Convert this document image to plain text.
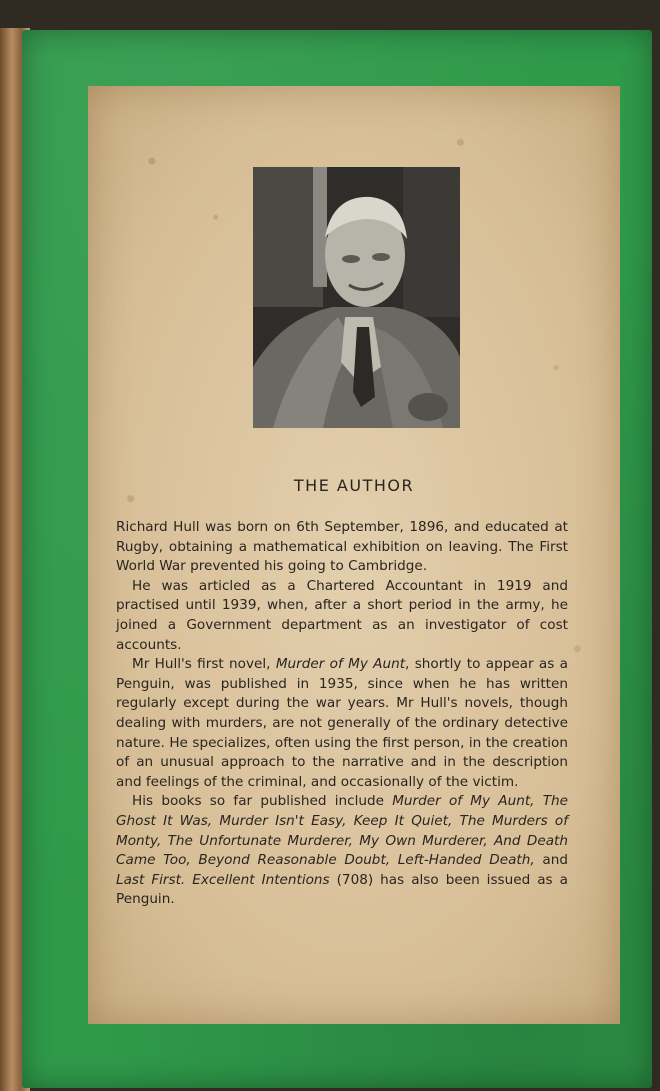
THE AUTHOR

Richard Hull was born on 6th September, 1896, and educated at Rugby, obtaining a mathematical exhibition on leaving. The First World War prevented his going to Cambridge.

He was articled as a Chartered Accountant in 1919 and practised until 1939, when, after a short period in the army, he joined a Government department as an investigator of cost accounts.

Mr Hull's first novel, Murder of My Aunt, shortly to appear as a Penguin, was published in 1935, since when he has written regularly except during the war years. Mr Hull's novels, though dealing with murders, are not generally of the ordinary detective nature. He specializes, often using the first person, in the creation of an unusual approach to the narrative and in the description and feelings of the criminal, and occasionally of the victim.

His books so far published include Murder of My Aunt, The Ghost It Was, Murder Isn't Easy, Keep It Quiet, The Murders of Monty, The Unfortunate Murderer, My Own Murderer, And Death Came Too, Beyond Reasonable Doubt, Left-Handed Death, and Last First. Excellent Intentions (708) has also been issued as a Penguin.
